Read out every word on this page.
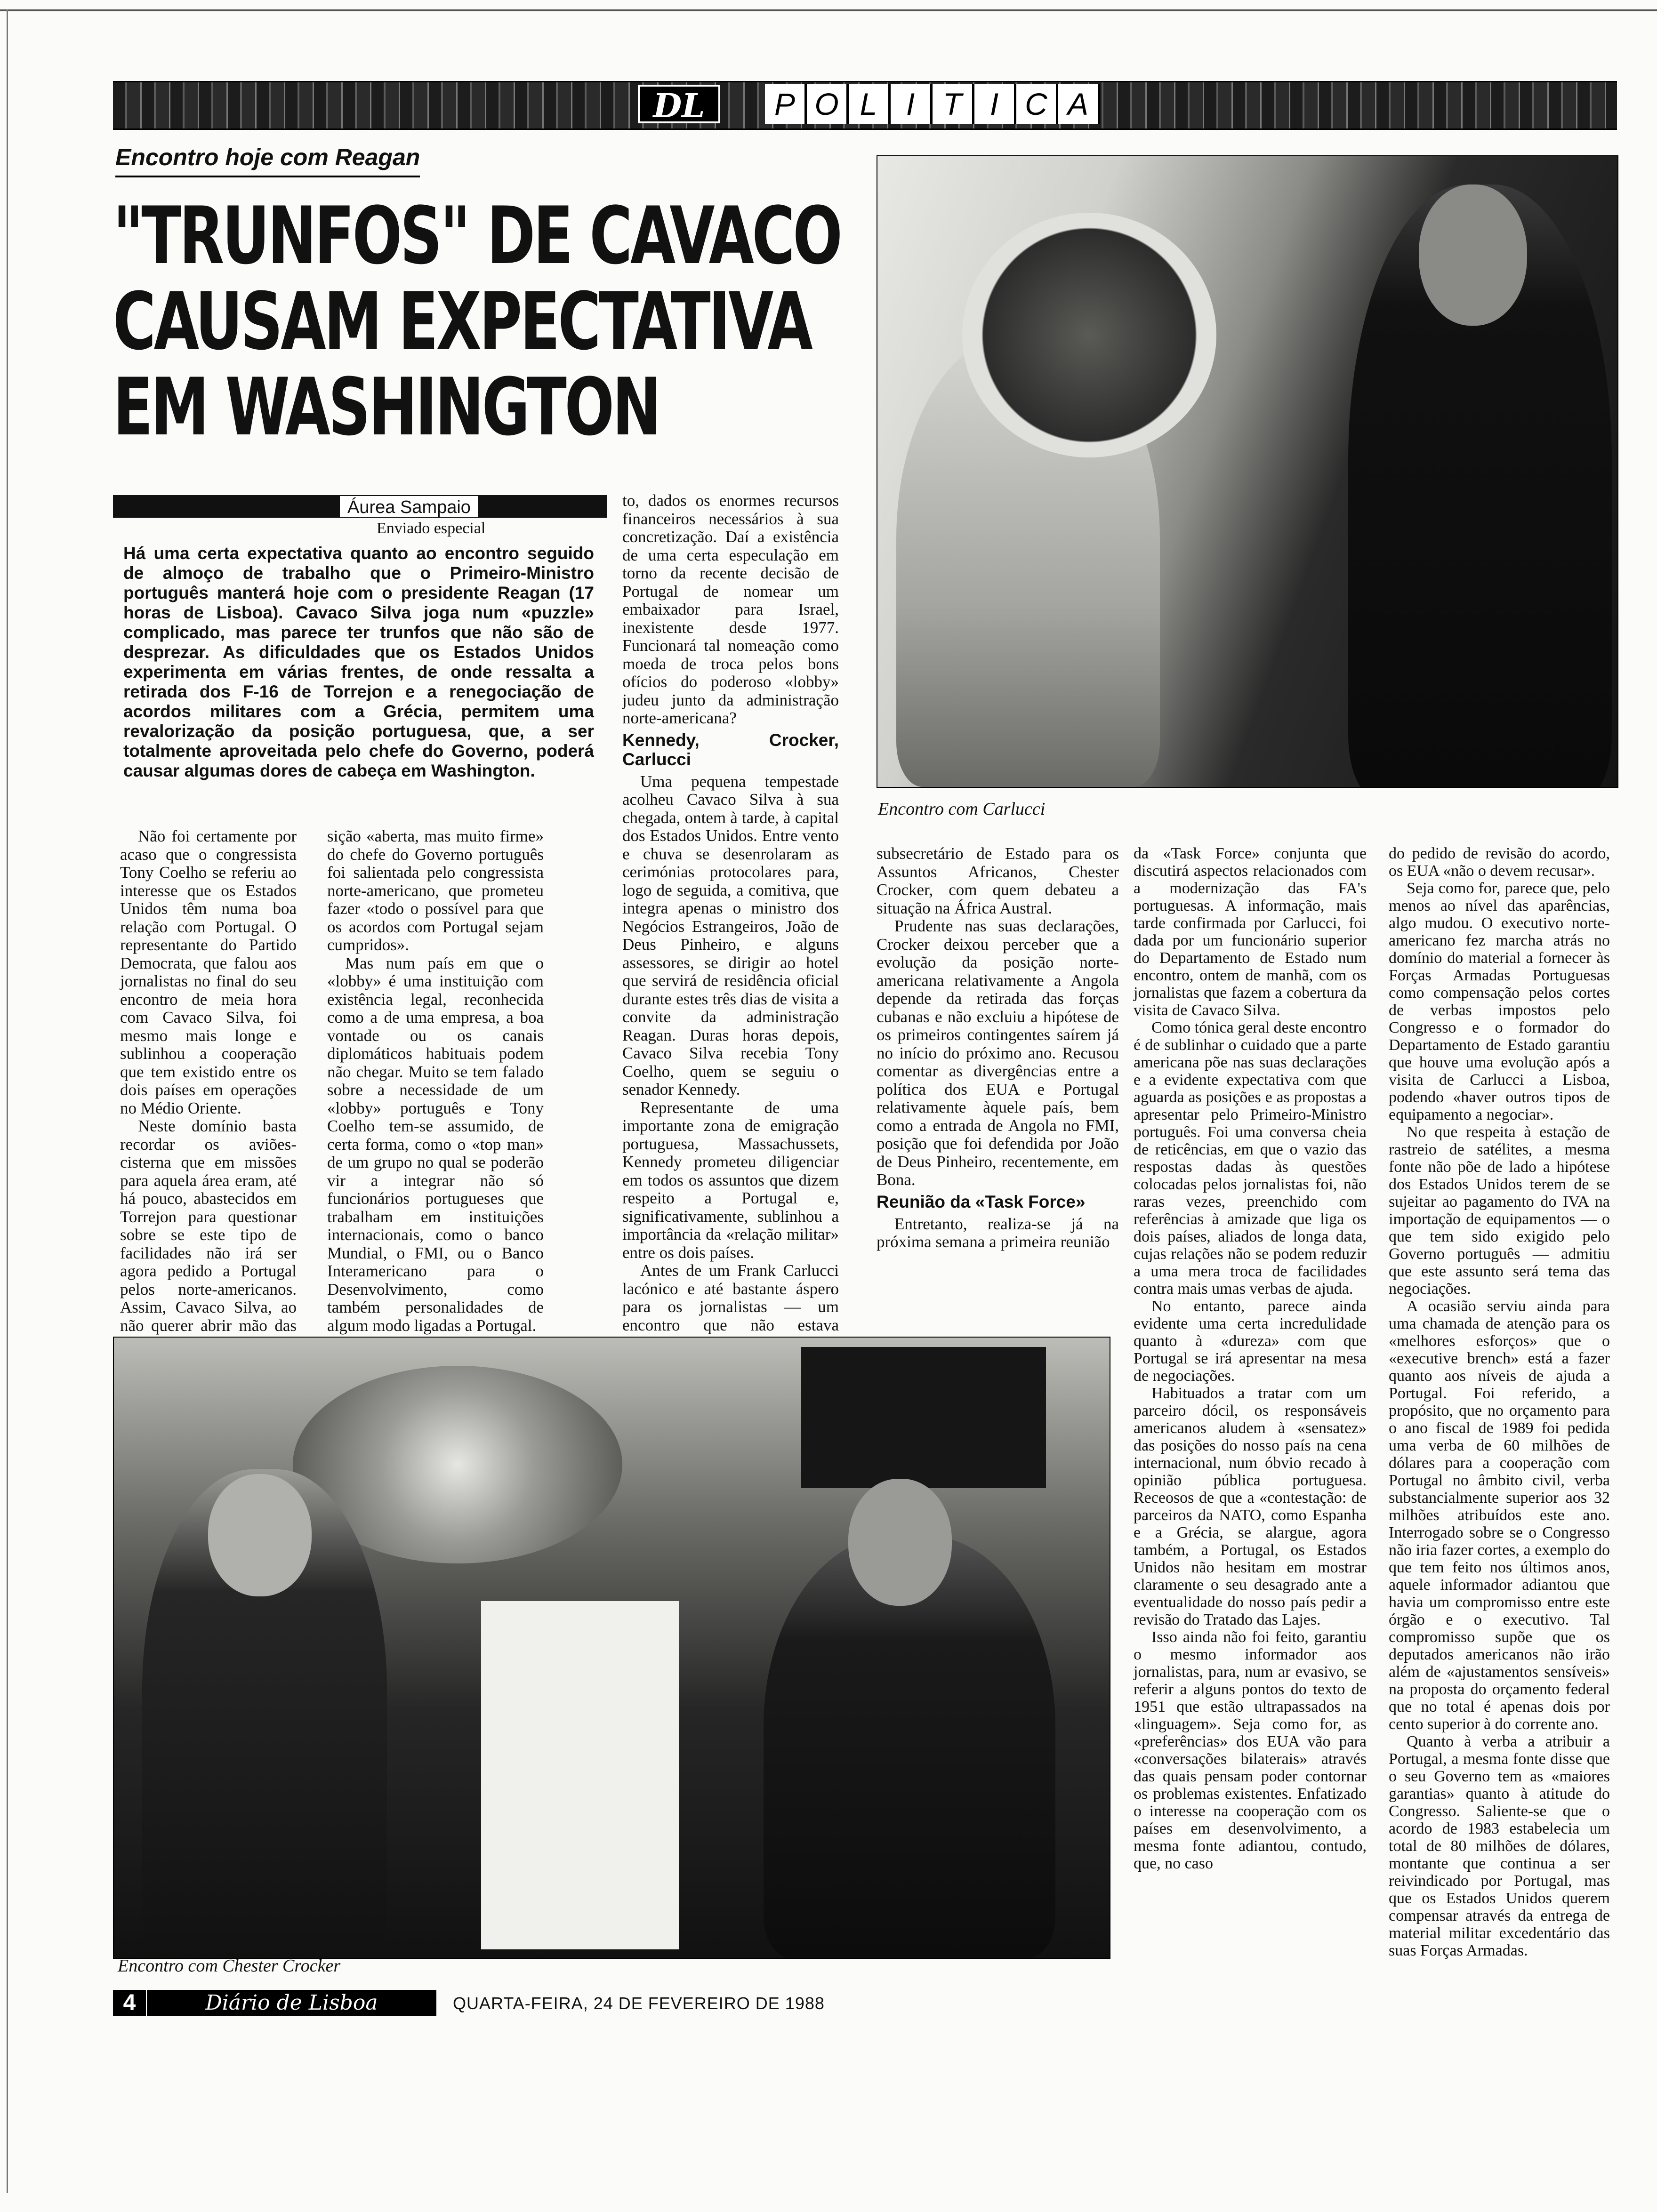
DL	P O L I T I C A
Encontro hoje com Reagan
"TRUNFOS" DE CAVACO
CAUSAM EXPECTATIVA
EM WASHINGTON
Áurea Sampaio
Enviado especial
Há uma certa expectativa quanto ao encontro seguido de almoço de trabalho que o Primeiro-Ministro português manterá hoje com o presidente Reagan (17 horas de Lisboa). Cavaco Silva joga num «puzzle» complicado, mas parece ter trunfos que não são de desprezar. As dificuldades que os Estados Unidos experimenta em várias frentes, de onde ressalta a retirada dos F-16 de Torrejon e a renegociação de acordos militares com a Grécia, permitem uma revalorização da posição portuguesa, que, a ser totalmente aproveitada pelo chefe do Governo, poderá causar algumas dores de cabeça em Washington.

Não foi certamente por acaso que o congressista Tony Coelho se referiu ao interesse que os Estados Unidos têm numa boa relação com Portugal. O representante do Partido Democrata, que falou aos jornalistas no final do seu encontro de meia hora com Cavaco Silva, foi mesmo mais longe e sublinhou a cooperação que tem existido entre os dois países em operações no Médio Oriente.

Neste domínio basta recordar os aviões-cisterna que em missões para aquela área eram, até há pouco, abastecidos em Torrejon para questionar sobre se este tipo de facilidades não irá ser agora pedido a Portugal pelos norte-americanos. Assim, Cavaco Silva, ao não querer abrir mão das

sição «aberta, mas muito firme» do chefe do Governo português foi salientada pelo congressista norte-americano, que prometeu fazer «todo o possível para que os acordos com Portugal sejam cumpridos».

Mas num país em que o «lobby» é uma instituição com existência legal, reconhecida como a de uma empresa, a boa vontade ou os canais diplomáticos habituais podem não chegar. Muito se tem falado sobre a necessidade de um «lobby» português e Tony Coelho tem-se assumido, de certa forma, como o «top man» de um grupo no qual se poderão vir a integrar não só funcionários portugueses que trabalham em instituições internacionais, como o banco Mundial, o FMI, ou o Banco Interamericano para o Desenvolvimento, como também personalidades de algum modo ligadas a Portugal.

to, dados os enormes recursos financeiros necessários à sua concretização. Daí a existência de uma certa especulação em torno da recente decisão de Portugal de nomear um embaixador para Israel, inexistente desde 1977. Funcionará tal nomeação como moeda de troca pelos bons ofícios do poderoso «lobby» judeu junto da administração norte-americana?

Kennedy, Crocker, Carlucci

Uma pequena tempestade acolheu Cavaco Silva à sua chegada, ontem à tarde, à capital dos Estados Unidos. Entre vento e chuva se desenrolaram as cerimónias protocolares para, logo de seguida, a comitiva, que integra apenas o ministro dos Negócios Estrangeiros, João de Deus Pinheiro, e alguns assessores, se dirigir ao hotel que servirá de residência oficial durante estes três dias de visita a convite da administração Reagan. Duras horas depois, Cavaco Silva recebia Tony Coelho, quem se seguiu o senador Kennedy.

Representante de uma importante zona de emigração portuguesa, Massachussets, Kennedy prometeu diligenciar em todos os assuntos que dizem respeito a Portugal e, significativamente, sublinhou a importância da «relação militar» entre os dois países.

Antes de um Frank Carlucci lacónico e até bastante áspero para os jornalistas — um encontro que não estava

subsecretário de Estado para os Assuntos Africanos, Chester Crocker, com quem debateu a situação na África Austral.

Prudente nas suas declarações, Crocker deixou perceber que a evolução da posição norte-americana relativamente a Angola depende da retirada das forças cubanas e não excluiu a hipótese de os primeiros contingentes saírem já no início do próximo ano. Recusou comentar as divergências entre a política dos EUA e Portugal relativamente àquele país, bem como a entrada de Angola no FMI, posição que foi defendida por João de Deus Pinheiro, recentemente, em Bona.

Reunião da «Task Force»

Entretanto, realiza-se já na próxima semana a primeira reunião

da «Task Force» conjunta que discutirá aspectos relacionados com a modernização das FA's portuguesas. A informação, mais tarde confirmada por Carlucci, foi dada por um funcionário superior do Departamento de Estado num encontro, ontem de manhã, com os jornalistas que fazem a cobertura da visita de Cavaco Silva.

Como tónica geral deste encontro é de sublinhar o cuidado que a parte americana põe nas suas declarações e a evidente expectativa com que aguarda as posições e as propostas a apresentar pelo Primeiro-Ministro português. Foi uma conversa cheia de reticências, em que o vazio das respostas dadas às questões colocadas pelos jornalistas foi, não raras vezes, preenchido com referências à amizade que liga os dois países, aliados de longa data, cujas relações não se podem reduzir a uma mera troca de facilidades contra mais umas verbas de ajuda.

No entanto, parece ainda evidente uma certa incredulidade quanto à «dureza» com que Portugal se irá apresentar na mesa de negociações.

Habituados a tratar com um parceiro dócil, os responsáveis americanos aludem à «sensatez» das posições do nosso país na cena internacional, num óbvio recado à opinião pública portuguesa. Receosos de que a «contestação: de parceiros da NATO, como Espanha e a Grécia, se alargue, agora também, a Portugal, os Estados Unidos não hesitam em mostrar claramente o seu desagrado ante a eventualidade do nosso país pedir a revisão do Tratado das Lajes.

Isso ainda não foi feito, garantiu o mesmo informador aos jornalistas, para, num ar evasivo, se referir a alguns pontos do texto de 1951 que estão ultrapassados na «linguagem». Seja como for, as «preferências» dos EUA vão para «conversações bilaterais» através das quais pensam poder contornar os problemas existentes. Enfatizado o interesse na cooperação com os países em desenvolvimento, a mesma fonte adiantou, contudo, que, no caso

do pedido de revisão do acordo, os EUA «não o devem recusar».

Seja como for, parece que, pelo menos ao nível das aparências, algo mudou. O executivo norte-americano fez marcha atrás no domínio do material a fornecer às Forças Armadas Portuguesas como compensação pelos cortes de verbas impostos pelo Congresso e o formador do Departamento de Estado garantiu que houve uma evolução após a visita de Carlucci a Lisboa, podendo «haver outros tipos de equipamento a negociar».

No que respeita à estação de rastreio de satélites, a mesma fonte não põe de lado a hipótese dos Estados Unidos terem de se sujeitar ao pagamento do IVA na importação de equipamentos — o que tem sido exigido pelo Governo português — admitiu que este assunto será tema das negociações.

A ocasião serviu ainda para uma chamada de atenção para os «melhores esforços» que o «executive brench» está a fazer quanto aos níveis de ajuda a Portugal. Foi referido, a propósito, que no orçamento para o ano fiscal de 1989 foi pedida uma verba de 60 milhões de dólares para a cooperação com Portugal no âmbito civil, verba substancialmente superior aos 32 milhões atribuídos este ano. Interrogado sobre se o Congresso não iria fazer cortes, a exemplo do que tem feito nos últimos anos, aquele informador adiantou que havia um compromisso entre este órgão e o executivo. Tal compromisso supõe que os deputados americanos não irão além de «ajustamentos sensíveis» na proposta do orçamento federal que no total é apenas dois por cento superior à do corrente ano.

Quanto à verba a atribuir a Portugal, a mesma fonte disse que o seu Governo tem as «maiores garantias» quanto à atitude do Congresso. Saliente-se que o acordo de 1983 estabelecia um total de 80 milhões de dólares, montante que continua a ser reivindicado por Portugal, mas que os Estados Unidos querem compensar através da entrega de material militar excedentário das suas Forças Armadas.

Encontro com Carlucci
Encontro com Chester Crocker
4	Diário de Lisboa	QUARTA-FEIRA, 24 DE FEVEREIRO DE 1988
